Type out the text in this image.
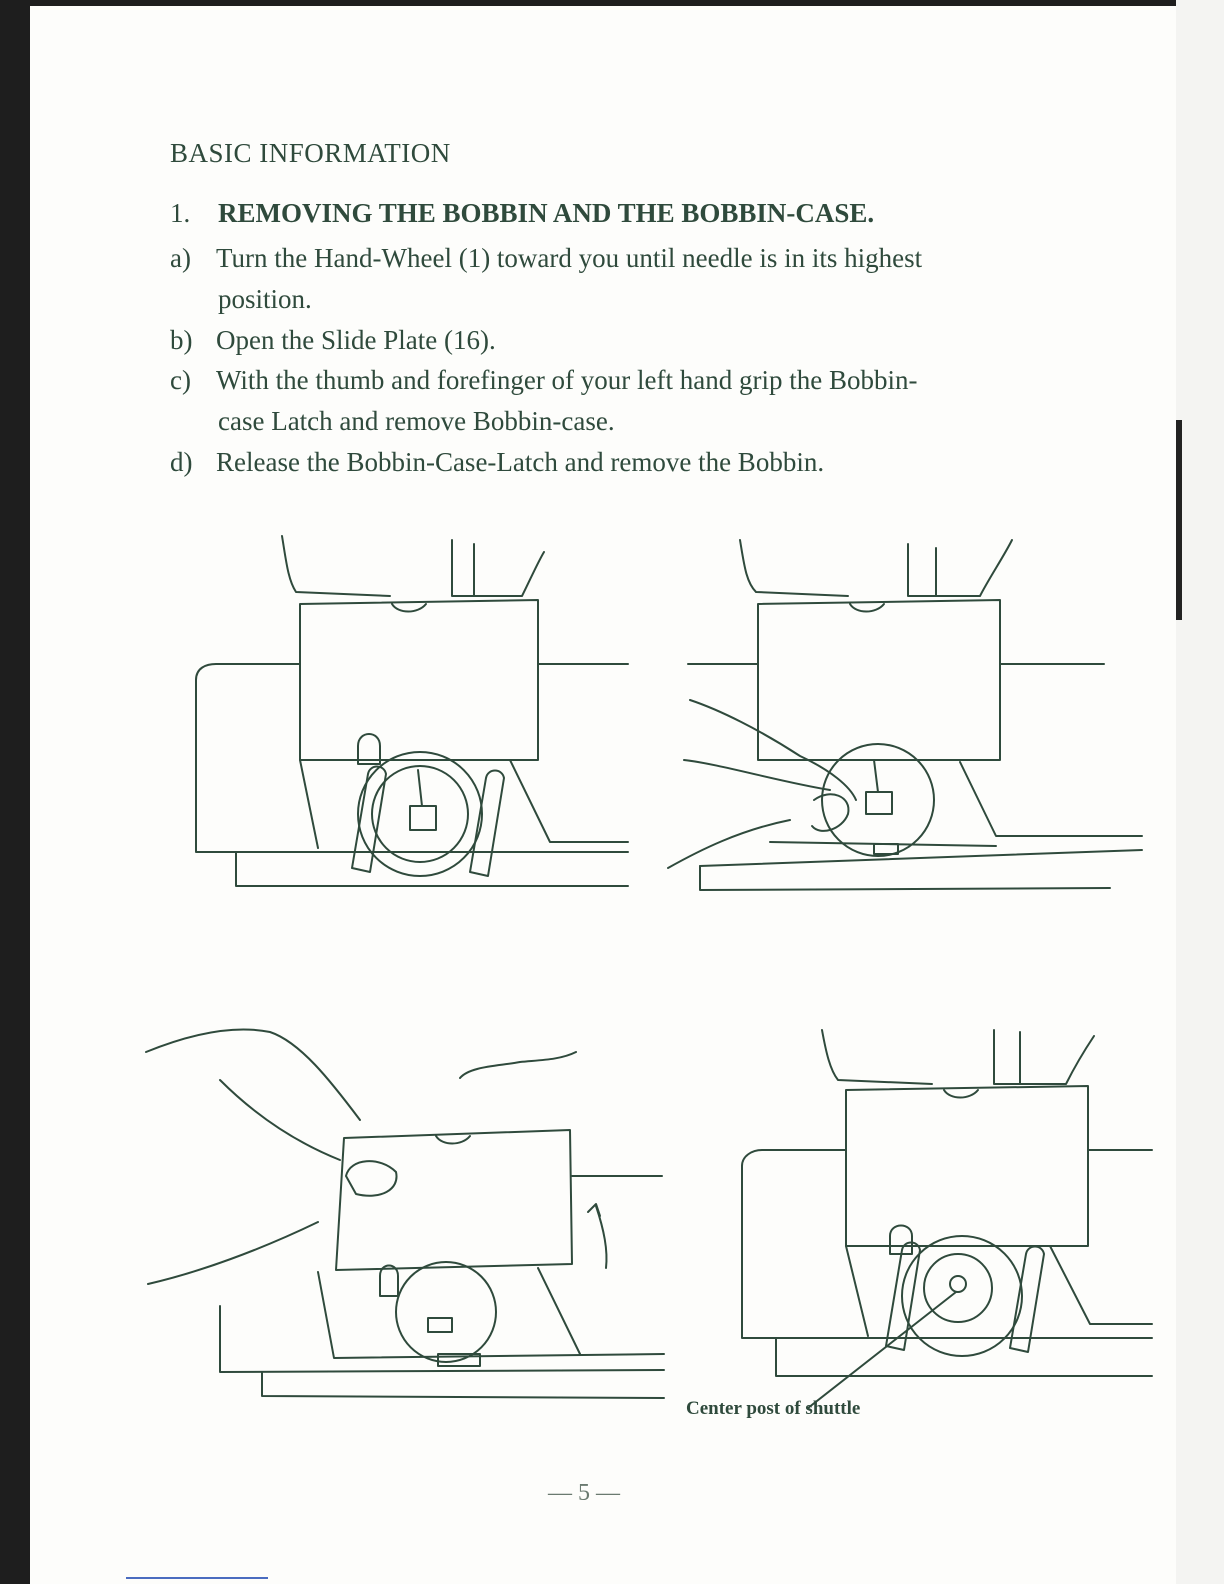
BASIC INFORMATION
1. REMOVING THE BOBBIN AND THE BOBBIN-CASE.
a) Turn the Hand-Wheel (1) toward you until needle is in its highest
position.
b) Open the Slide Plate (16).
c) With the thumb and forefinger of your left hand grip the Bobbin-
case Latch and remove Bobbin-case.
d) Release the Bobbin-Case-Latch and remove the Bobbin.
Center post of shuttle
— 5 —
